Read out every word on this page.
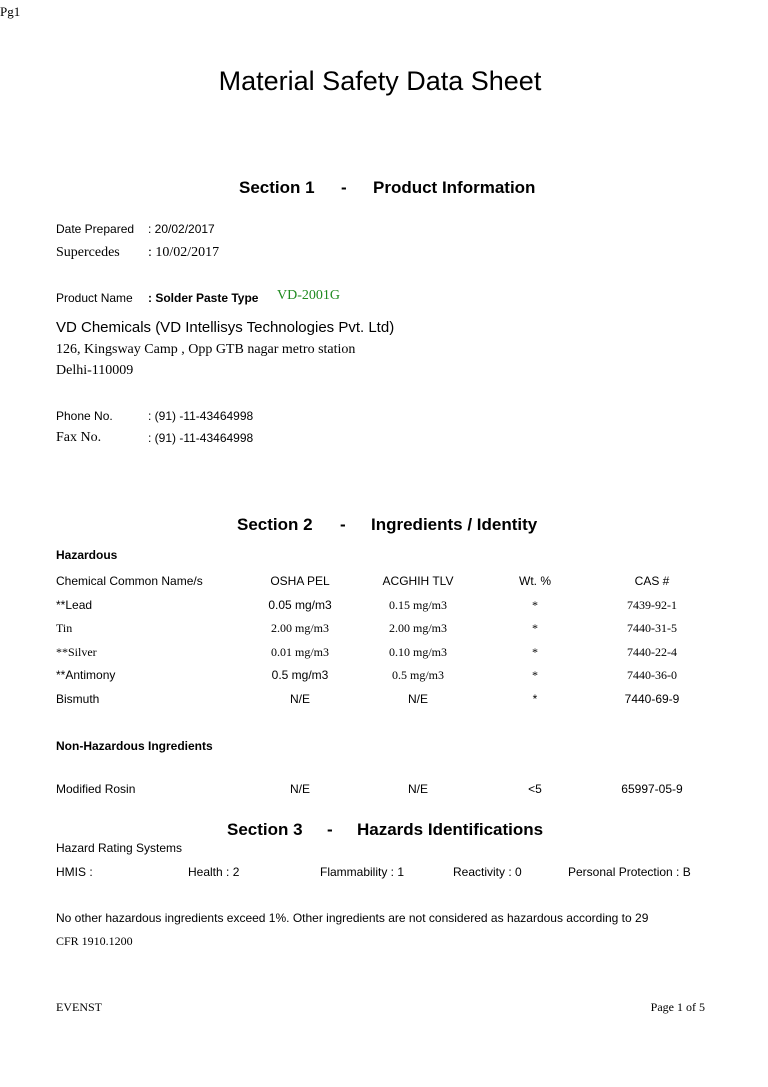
Pg1
Material Safety Data Sheet
Section 1 - Product Information
Date Prepared : 20/02/2017
Supercedes : 10/02/2017
Product Name : Solder Paste Type VD-2001G
VD Chemicals (VD Intellisys Technologies Pvt. Ltd)
126, Kingsway Camp , Opp GTB nagar metro station
Delhi-110009
Phone No.	: (91) -11-43464998
Fax No.	: (91) -11-43464998
Section 2 - Ingredients / Identity
Hazardous
Chemical Common Name/s	OSHA PEL	ACGHIH TLV	Wt. %	CAS #
**Lead	0.05 mg/m3	0.15 mg/m3	*	7439-92-1
Tin	2.00 mg/m3	2.00 mg/m3	*	7440-31-5
**Silver	0.01 mg/m3	0.10 mg/m3	*	7440-22-4
**Antimony	0.5 mg/m3	0.5 mg/m3	*	7440-36-0
Bismuth	N/E	N/E	*	7440-69-9
Non-Hazardous Ingredients
Modified Rosin	N/E	N/E	<5	65997-05-9
Section 3 - Hazards Identifications
Hazard Rating Systems
HMIS :	Health : 2	Flammability : 1	Reactivity : 0	Personal Protection : B
No other hazardous ingredients exceed 1%. Other ingredients are not considered as hazardous according to 29
CFR 1910.1200
EVENST	Page 1 of 5
